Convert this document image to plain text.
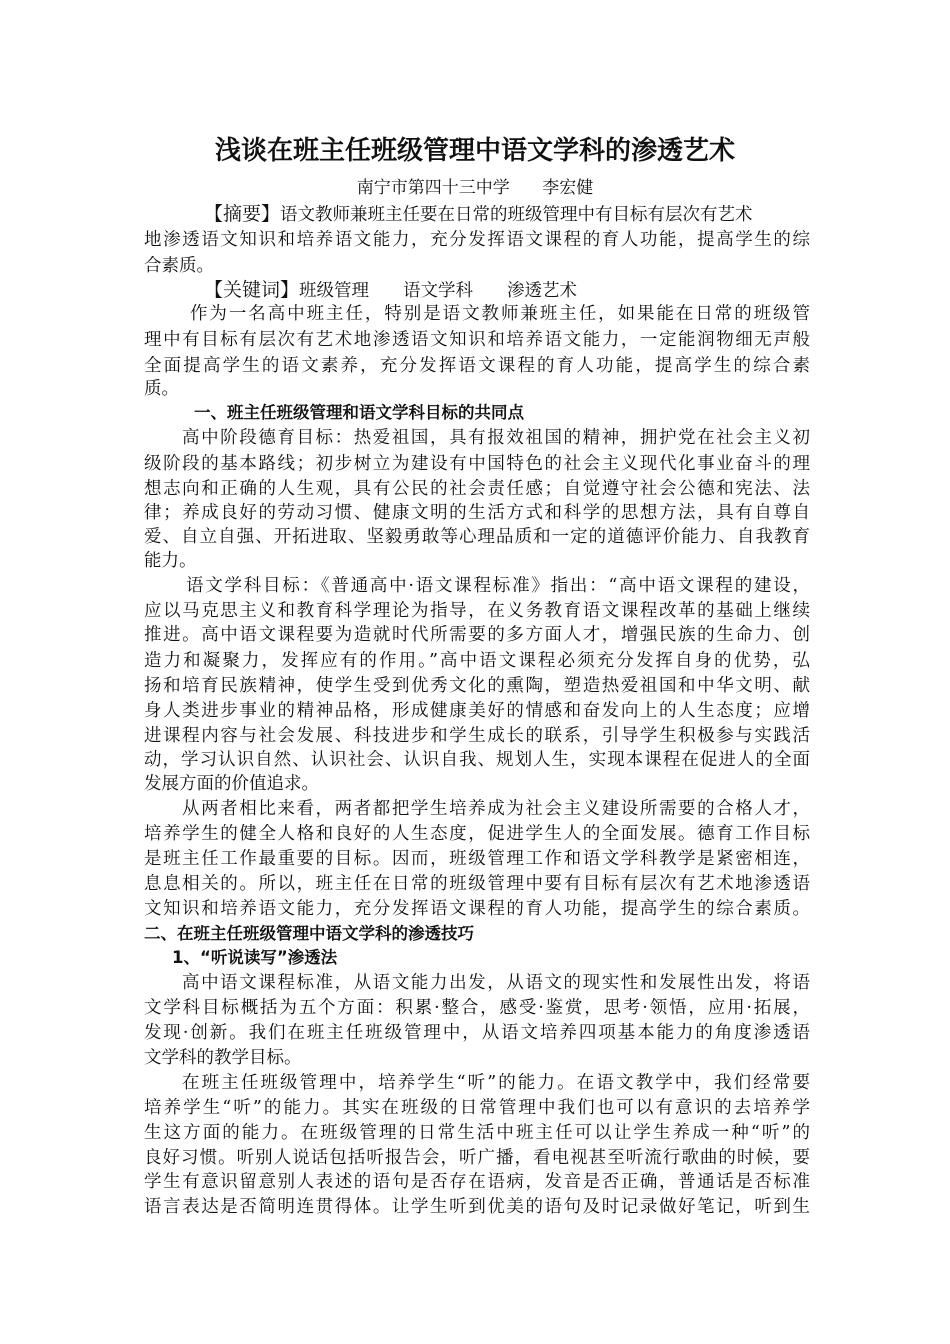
浅谈在班主任班级管理中语文学科的渗透艺术
南宁市第四十三中学      李宏健
【摘要】语文教师兼班主任要在日常的班级管理中有目标有层次有艺术
地渗透语文知识和培养语文能力，充分发挥语文课程的育人功能，提高学生的综
合素质。
【关键词】班级管理 语文学科 渗透艺术
作为一名高中班主任，特别是语文教师兼班主任，如果能在日常的班级管
理中有目标有层次有艺术地渗透语文知识和培养语文能力，一定能润物细无声般
全面提高学生的语文素养，充分发挥语文课程的育人功能，提高学生的综合素
质。
一、班主任班级管理和语文学科目标的共同点
高中阶段德育目标：热爱祖国，具有报效祖国的精神，拥护党在社会主义初
级阶段的基本路线；初步树立为建设有中国特色的社会主义现代化事业奋斗的理
想志向和正确的人生观，具有公民的社会责任感；自觉遵守社会公德和宪法、法
律；养成良好的劳动习惯、健康文明的生活方式和科学的思想方法，具有自尊自
爱、自立自强、开拓进取、坚毅勇敢等心理品质和一定的道德评价能力、自我教育
能力。
语文学科目标：《普通高中·语文课程标准》指出：“高中语文课程的建设，
应以马克思主义和教育科学理论为指导，在义务教育语文课程改革的基础上继续
推进。高中语文课程要为造就时代所需要的多方面人才，增强民族的生命力、创
造力和凝聚力，发挥应有的作用。”高中语文课程必须充分发挥自身的优势，弘
扬和培育民族精神，使学生受到优秀文化的熏陶，塑造热爱祖国和中华文明、献
身人类进步事业的精神品格，形成健康美好的情感和奋发向上的人生态度；应增
进课程内容与社会发展、科技进步和学生成长的联系，引导学生积极参与实践活
动，学习认识自然、认识社会、认识自我、规划人生，实现本课程在促进人的全面
发展方面的价值追求。
从两者相比来看，两者都把学生培养成为社会主义建设所需要的合格人才，
培养学生的健全人格和良好的人生态度，促进学生人的全面发展。德育工作目标
是班主任工作最重要的目标。因而，班级管理工作和语文学科教学是紧密相连，
息息相关的。所以，班主任在日常的班级管理中要有目标有层次有艺术地渗透语
文知识和培养语文能力，充分发挥语文课程的育人功能，提高学生的综合素质。
二、在班主任班级管理中语文学科的渗透技巧
1、“听说读写”渗透法
高中语文课程标准，从语文能力出发，从语文的现实性和发展性出发，将语
文学科目标概括为五个方面：积累·整合，感受·鉴赏，思考·领悟，应用·拓展，
发现·创新。我们在班主任班级管理中，从语文培养四项基本能力的角度渗透语
文学科的教学目标。
在班主任班级管理中，培养学生“听”的能力。在语文教学中，我们经常要
培养学生“听”的能力。其实在班级的日常管理中我们也可以有意识的去培养学
生这方面的能力。在班级管理的日常生活中班主任可以让学生养成一种“听”的
良好习惯。听别人说话包括听报告会，听广播，看电视甚至听流行歌曲的时候，要
学生有意识留意别人表述的语句是否存在语病，发音是否正确，普通话是否标准
语言表达是否简明连贯得体。让学生听到优美的语句及时记录做好笔记，听到生
